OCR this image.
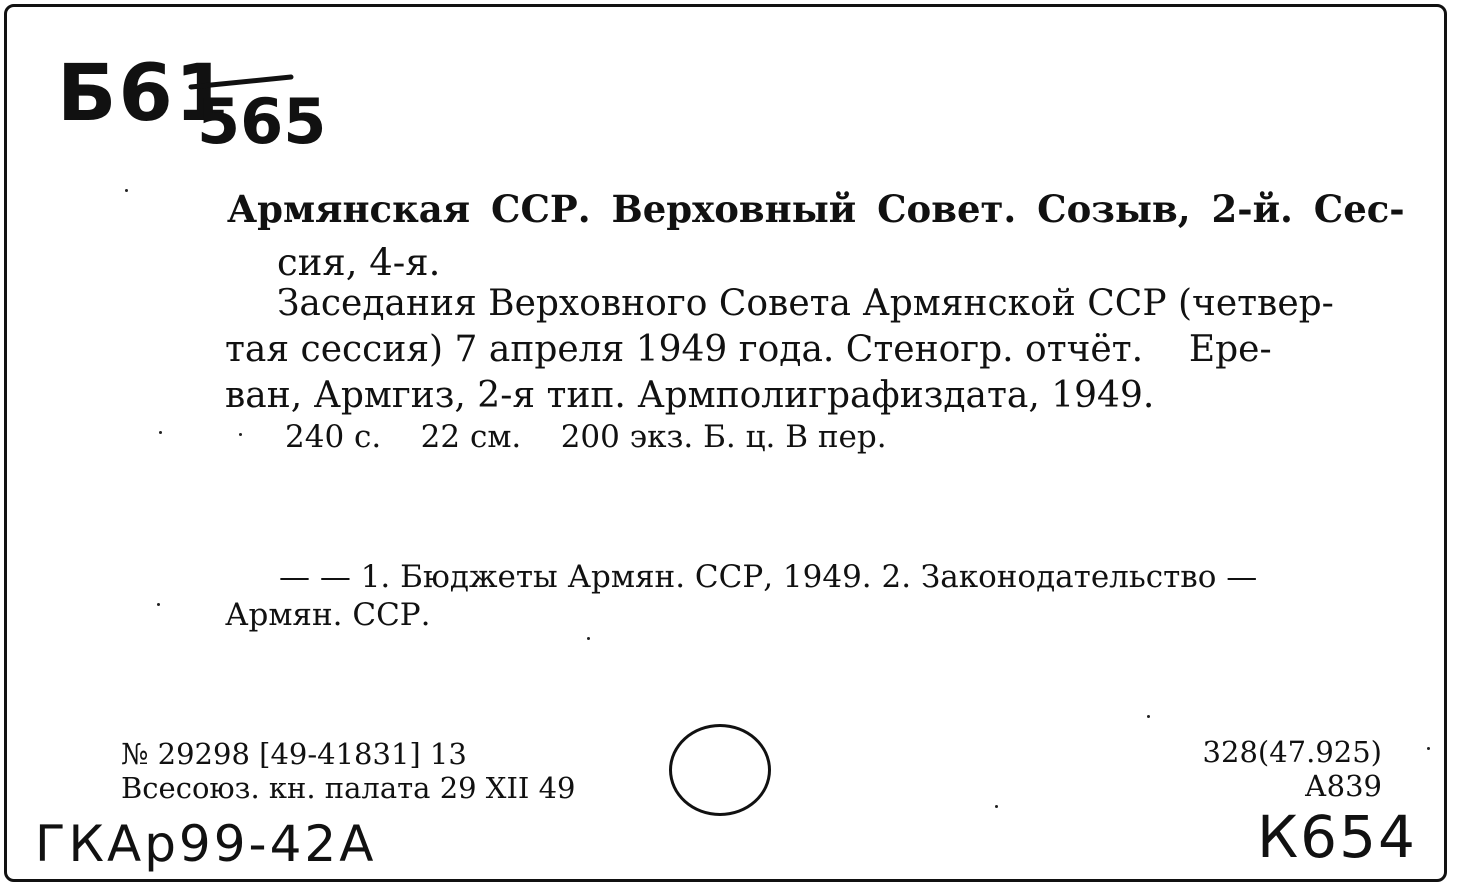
Б61
565
Армянская ССР. Верховный Совет. Созыв, 2-й. Сес-
сия, 4-я.
Заседания Верховного Совета Армянской ССР (четвер-
тая сессия) 7 апреля 1949 года. Стеногр. отчёт.    Ере-
ван, Армгиз, 2-я тип. Армполиграфиздата, 1949.
240 с.    22 см.    200 экз. Б. ц. В пер.
— — 1. Бюджеты Армян. ССР, 1949. 2. Законодательство —
Армян. ССР.
№ 29298 [49-41831] 13
Всесоюз. кн. палата 29 XII 49
328(47.925)
А839
ГКАр99-42А	К654
